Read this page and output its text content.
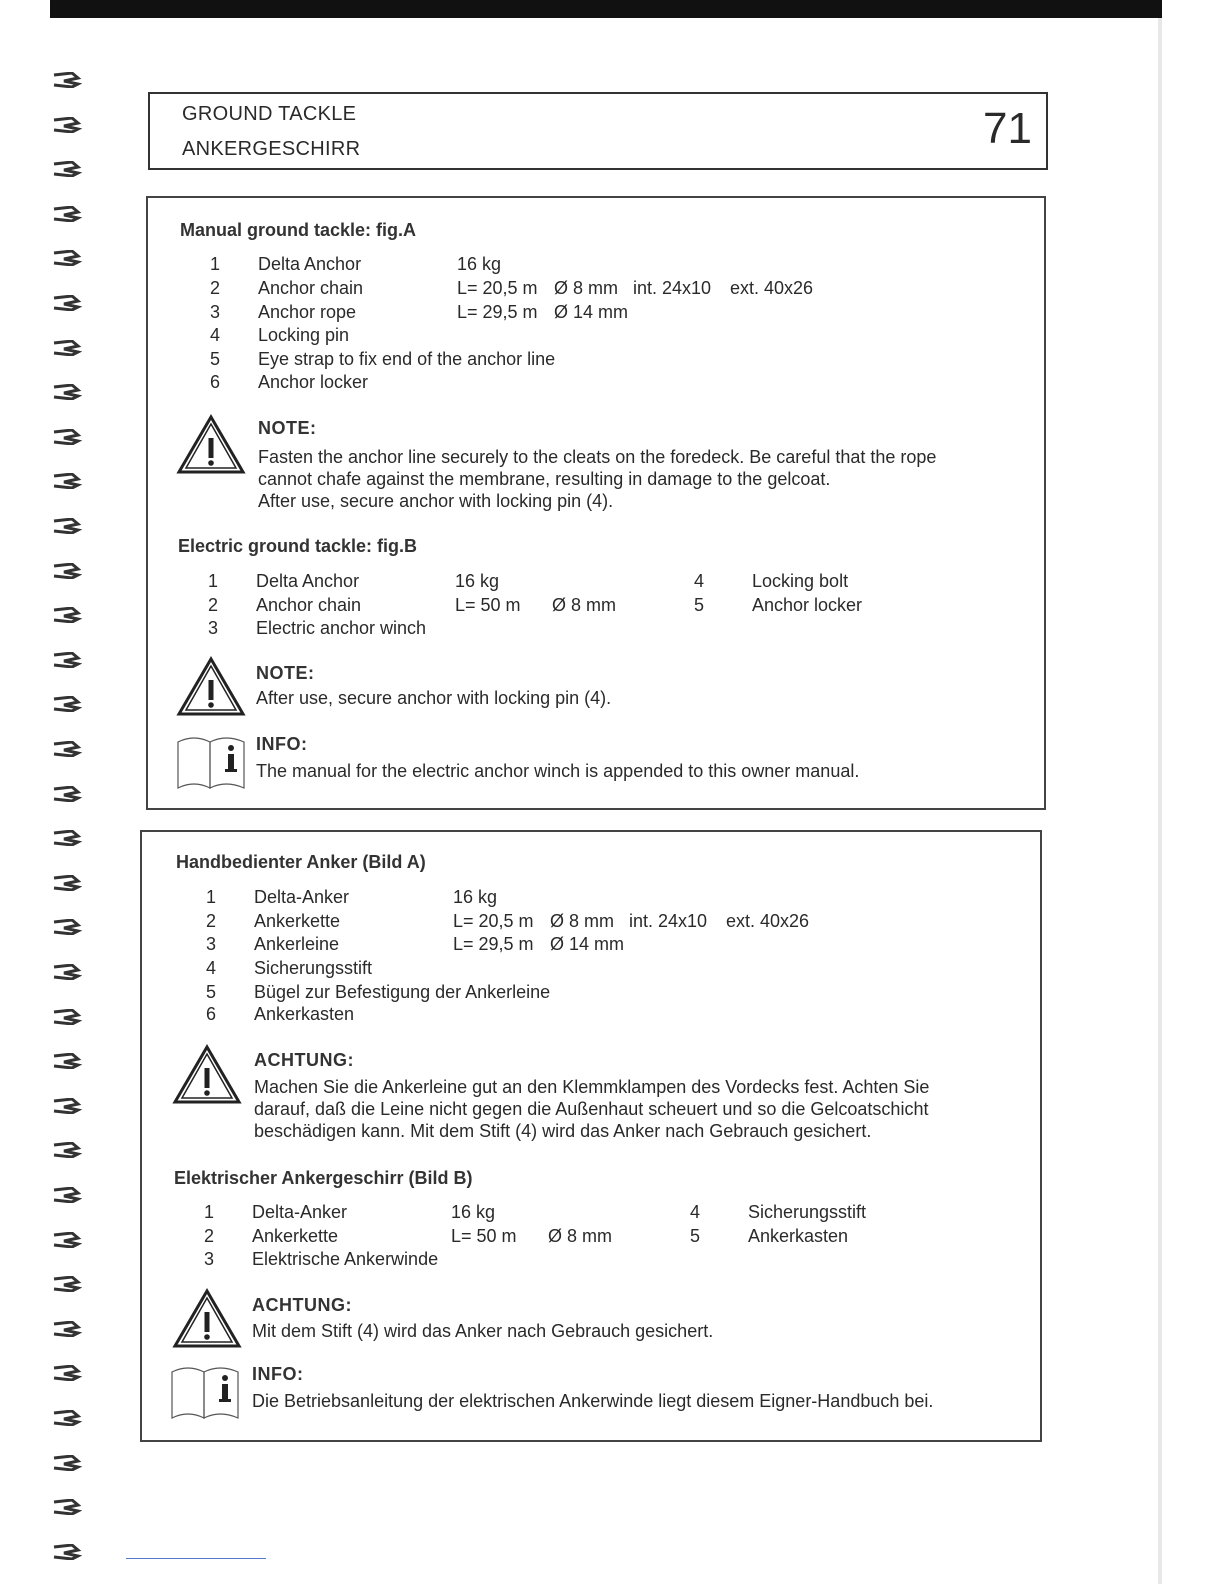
GROUND TACKLE
ANKERGESCHIRR	71
Manual ground tackle: fig.A
1 Delta Anchor	16 kg
2 Anchor chain	L= 20,5 m Ø 8 mm int. 24x10 ext. 40x26
3 Anchor rope	L= 29,5 m Ø 14 mm
4 Locking pin
5 Eye strap to fix end of the anchor line
6 Anchor locker
NOTE:
Fasten the anchor line securely to the cleats on the foredeck. Be careful that the rope
cannot chafe against the membrane, resulting in damage to the gelcoat.
After use, secure anchor with locking pin (4).
Electric ground tackle: fig.B
1 Delta Anchor	16 kg	4	Locking bolt
2 Anchor chain	L= 50 m Ø 8 mm	5	Anchor locker
3 Electric anchor winch
NOTE:
After use, secure anchor with locking pin (4).
INFO:
The manual for the electric anchor winch is appended to this owner manual.
Handbedienter Anker (Bild A)
1 Delta-Anker	16 kg
2 Ankerkette	L= 20,5 m Ø 8 mm int. 24x10 ext. 40x26
3 Ankerleine	L= 29,5 m Ø 14 mm
4 Sicherungsstift
5 Bügel zur Befestigung der Ankerleine
6 Ankerkasten
ACHTUNG:
Machen Sie die Ankerleine gut an den Klemmklampen des Vordecks fest. Achten Sie
darauf, daß die Leine nicht gegen die Außenhaut scheuert und so die Gelcoatschicht
beschädigen kann. Mit dem Stift (4) wird das Anker nach Gebrauch gesichert.
Elektrischer Ankergeschirr (Bild B)
1 Delta-Anker	16 kg	4	Sicherungsstift
2 Ankerkette	L= 50 m Ø 8 mm	5	Ankerkasten
3 Elektrische Ankerwinde
ACHTUNG:
Mit dem Stift (4) wird das Anker nach Gebrauch gesichert.
INFO:
Die Betriebsanleitung der elektrischen Ankerwinde liegt diesem Eigner-Handbuch bei.
